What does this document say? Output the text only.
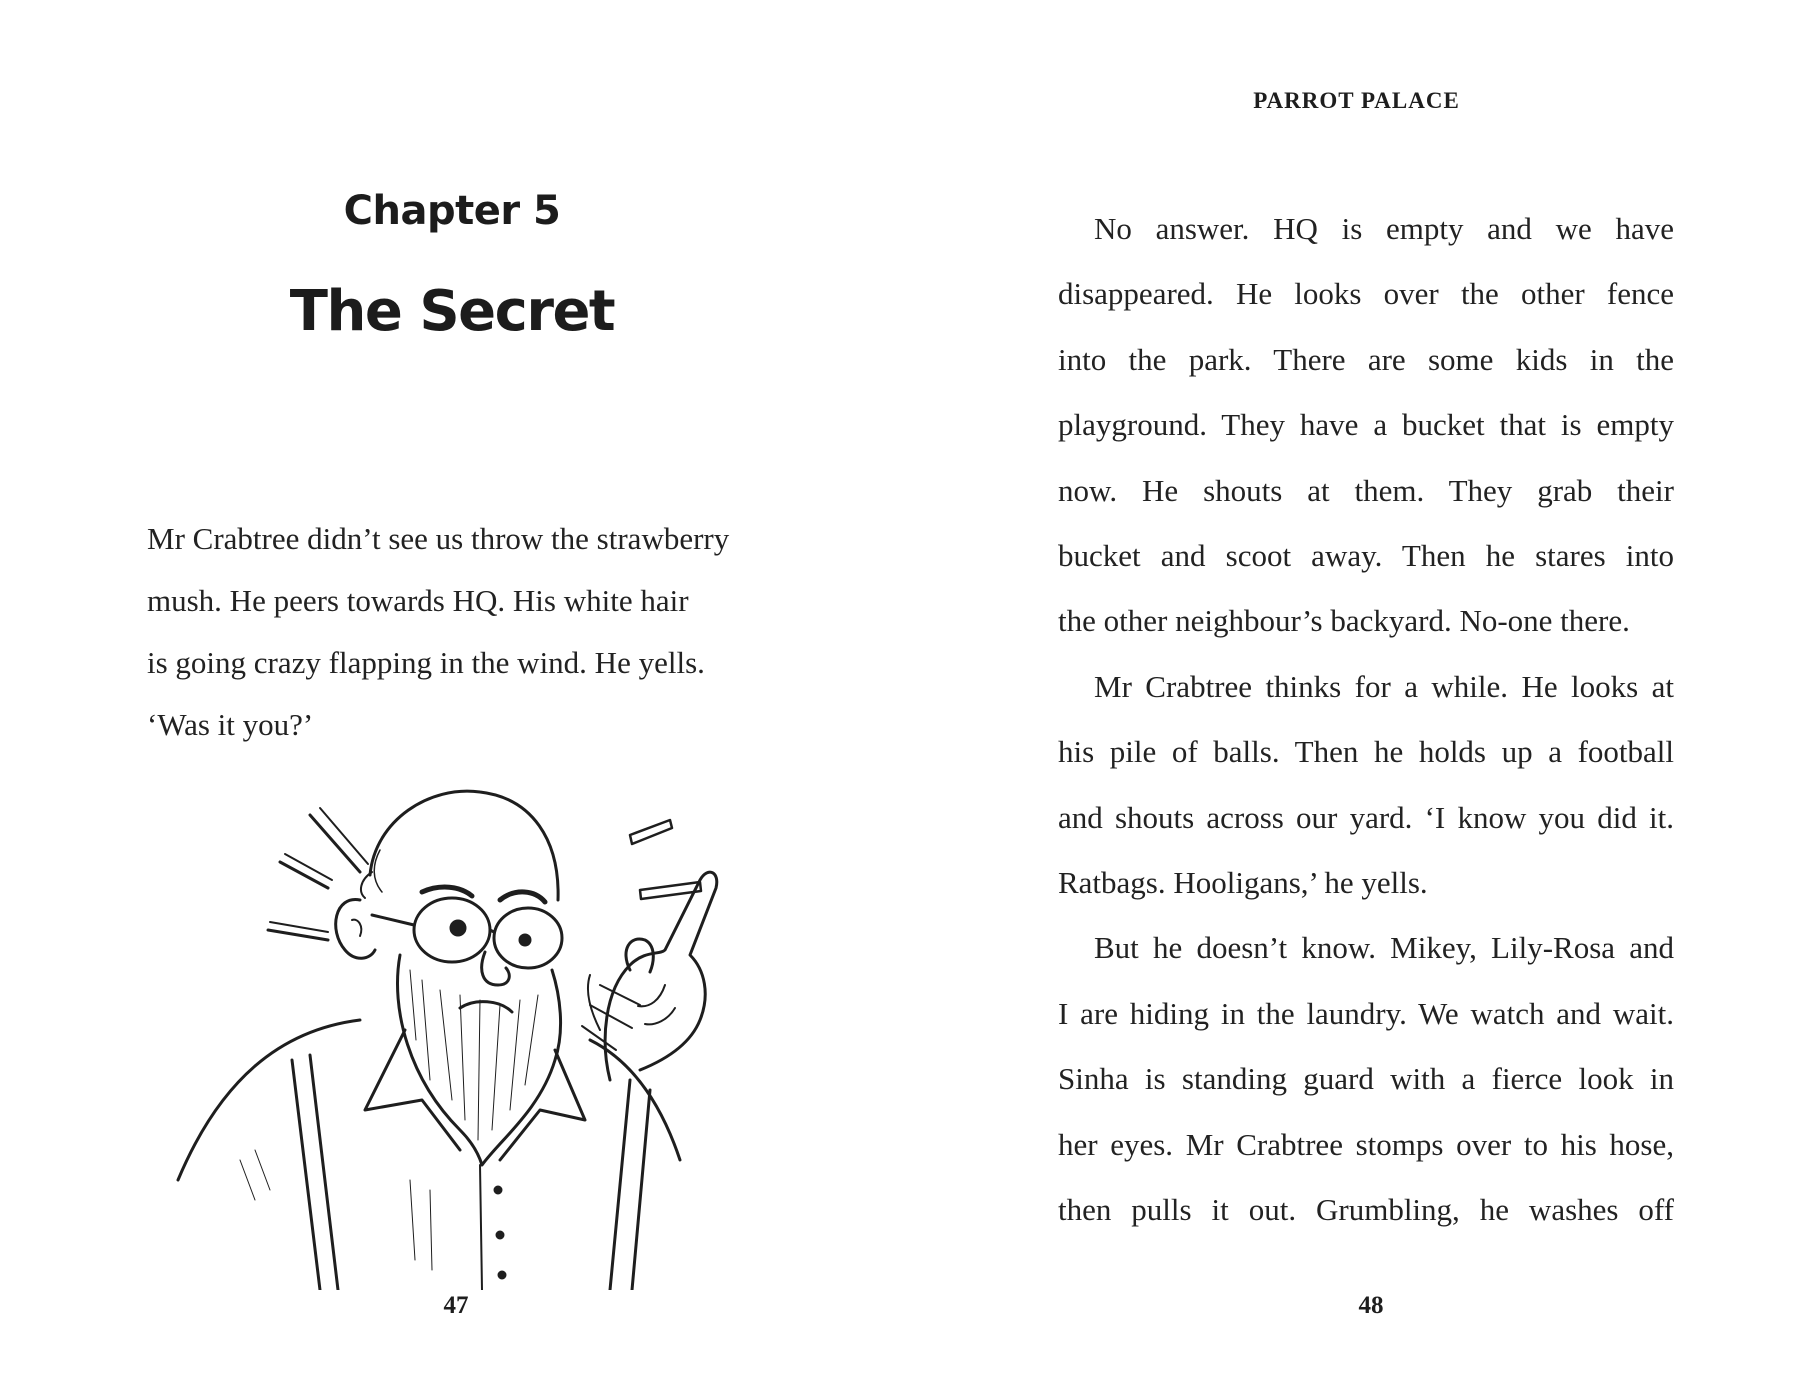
Chapter 5
The Secret
Mr Crabtree didn’t see us throw the strawberry
mush. He peers towards HQ. His white hair
is going crazy flapping in the wind. He yells.
‘Was it you?’
47
PARROT PALACE
No answer. HQ is empty and we have
disappeared. He looks over the other fence
into the park. There are some kids in the
playground. They have a bucket that is empty
now. He shouts at them. They grab their
bucket and scoot away. Then he stares into
the other neighbour’s backyard. No-one there.
Mr Crabtree thinks for a while. He looks at
his pile of balls. Then he holds up a football
and shouts across our yard. ‘I know you did it.
Ratbags. Hooligans,’ he yells.
But he doesn’t know. Mikey, Lily-Rosa and
I are hiding in the laundry. We watch and wait.
Sinha is standing guard with a fierce look in
her eyes. Mr Crabtree stomps over to his hose,
then pulls it out. Grumbling, he washes off
48
